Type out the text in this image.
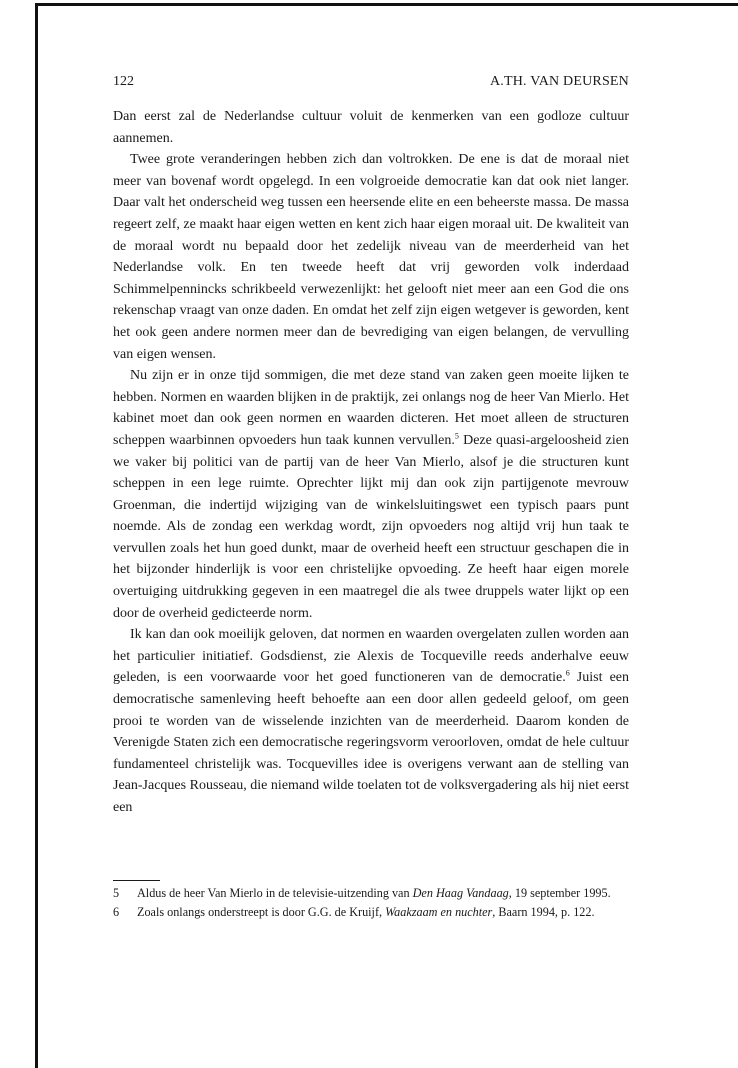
122	A.TH. VAN DEURSEN

Dan eerst zal de Nederlandse cultuur voluit de kenmerken van een godloze cultuur aannemen.

Twee grote veranderingen hebben zich dan voltrokken. De ene is dat de moraal niet meer van bovenaf wordt opgelegd. In een volgroeide democratie kan dat ook niet langer. Daar valt het onderscheid weg tussen een heersende elite en een beheerste massa. De massa regeert zelf, ze maakt haar eigen wetten en kent zich haar eigen moraal uit. De kwaliteit van de moraal wordt nu bepaald door het zedelijk niveau van de meerderheid van het Nederlandse volk. En ten tweede heeft dat vrij geworden volk inderdaad Schimmelpennincks schrikbeeld verwezenlijkt: het gelooft niet meer aan een God die ons rekenschap vraagt van onze daden. En omdat het zelf zijn eigen wetgever is geworden, kent het ook geen andere normen meer dan de bevrediging van eigen belangen, de vervulling van eigen wensen.

Nu zijn er in onze tijd sommigen, die met deze stand van zaken geen moeite lijken te hebben. Normen en waarden blijken in de praktijk, zei onlangs nog de heer Van Mierlo. Het kabinet moet dan ook geen normen en waarden dicteren. Het moet alleen de structuren scheppen waarbinnen opvoeders hun taak kunnen vervullen.$^5$ Deze quasi-argeloosheid zien we vaker bij politici van de partij van de heer Van Mierlo, alsof je die structuren kunt scheppen in een lege ruimte. Oprechter lijkt mij dan ook zijn partijgenote mevrouw Groenman, die indertijd wijziging van de winkelsluitingswet een typisch paars punt noemde. Als de zondag een werkdag wordt, zijn opvoeders nog altijd vrij hun taak te vervullen zoals het hun goed dunkt, maar de overheid heeft een structuur geschapen die in het bijzonder hinderlijk is voor een christelijke opvoeding. Ze heeft haar eigen morele overtuiging uitdrukking gegeven in een maatregel die als twee druppels water lijkt op een door de overheid gedicteerde norm.

Ik kan dan ook moeilijk geloven, dat normen en waarden overgelaten zullen worden aan het particulier initiatief. Godsdienst, zie Alexis de Tocqueville reeds anderhalve eeuw geleden, is een voorwaarde voor het goed functioneren van de democratie.$^6$ Juist een democratische samenleving heeft behoefte aan een door allen gedeeld geloof, om geen prooi te worden van de wisselende inzichten van de meerderheid. Daarom konden de Verenigde Staten zich een democratische regeringsvorm veroorloven, omdat de hele cultuur fundamenteel christelijk was. Tocquevilles idee is overigens verwant aan de stelling van Jean-Jacques Rousseau, die niemand wilde toelaten tot de volksvergadering als hij niet eerst een

5	Aldus de heer Van Mierlo in de televisie-uitzending van Den Haag Vandaag, 19 september 1995.
6	Zoals onlangs onderstreept is door G.G. de Kruijf, Waakzaam en nuchter, Baarn 1994, p. 122.
